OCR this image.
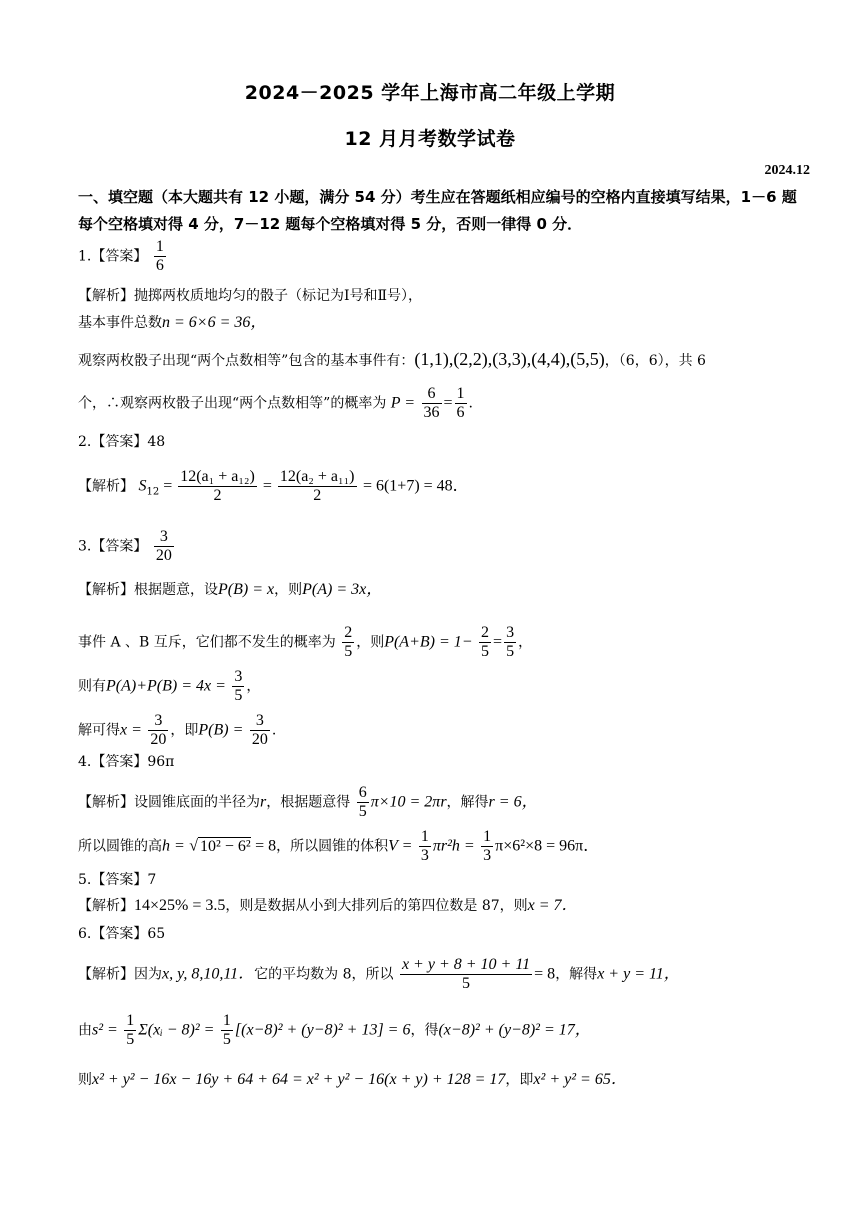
2024－2025 学年上海市高二年级上学期
12 月月考数学试卷
2024.12
一、填空题（本大题共有 12 小题，满分 54 分）考生应在答题纸相应编号的空格内直接填写结果，1－6 题每个空格填对得 4 分，7－12 题每个空格填对得 5 分，否则一律得 0 分．
1.【答案】 $\frac{1}{6}$
【解析】抛掷两枚质地均匀的骰子（标记为Ⅰ号和Ⅱ号），
基本事件总数n = 6×6 = 36，
观察两枚骰子出现“两个点数相等”包含的基本事件有：(1,1),(2,2),(3,3),(4,4),(5,5)，（6，6），共 6
个，∴观察两枚骰子出现“两个点数相等”的概率为 $P = \frac{6}{36} = \frac{1}{6}$ .
2.【答案】48
【解析】 $S_{12} = \frac{\text{12(a₁ + a₁₂)}}{2} = \frac{\text{12(a₂ + a₁₁)}}{2} = 6(1+7) = 48$．
3.【答案】 $\frac{3}{20}$
【解析】根据题意，设P(B) = x，则P(A) = 3x，
事件 A 、B 互斥，它们都不发生的概率为 $\frac{2}{5}$ ，则$P(A+B) = 1- \frac{2}{5} = \frac{3}{5}$ ，
则有$P(A)+P(B) = 4x = \frac{3}{5}$ ，
解可得$x = \frac{3}{20}$ ，即$P(B) = \frac{3}{20}$ .
4.【答案】96π
【解析】设圆锥底面的半径为r，根据题意得 $\frac{6}{5} \pi\times 10 = 2\pi r$，解得r = 6，
所以圆锥的高h = √ 10² − 6² = 8，所以圆锥的体积$V = \frac{1}{3} \pi r^2h = \frac{1}{3} \pi\times 6^2\times 8 = 96\pi$．
5.【答案】7
【解析】14×25% = 3.5，则是数据从小到大排列后的第四位数是 87，则x = 7．
6.【答案】65
【解析】因为x, y, 8,10,11．它的平均数为 8，所以 $\frac{x + y + 8 + 10 + 11}{5} = 8$，解得x + y = 11，
由$s^2 = \frac{1}{5}$ Σ(xᵢ − $8)^2 = \frac{1}{5} [(x-8)^2 + (y-8)^2 + 13] = 6$，得(x−8)² + (y−8)² = 17，
则x² + y² − 16x − 16y + 64 + 64 = x² + y² − 16(x + y) + 128 = 17，即x² + y² = 65．
